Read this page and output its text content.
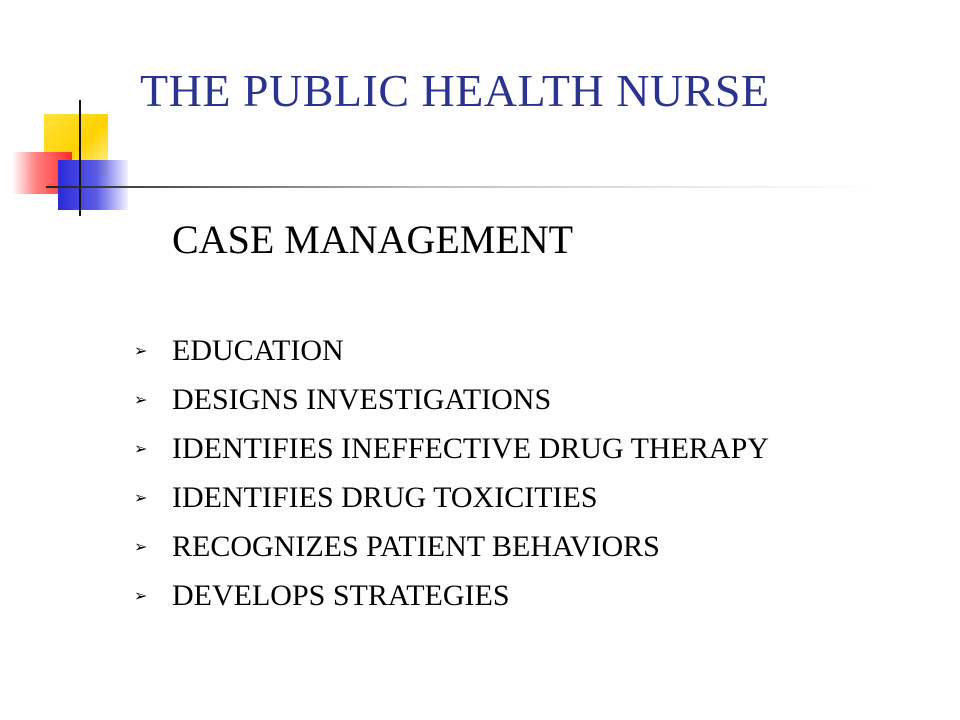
THE PUBLIC HEALTH NURSE
CASE MANAGEMENT
➢ EDUCATION
➢ DESIGNS INVESTIGATIONS
➢ IDENTIFIES INEFFECTIVE DRUG THERAPY
➢ IDENTIFIES DRUG TOXICITIES
➢ RECOGNIZES PATIENT BEHAVIORS
➢ DEVELOPS STRATEGIES
